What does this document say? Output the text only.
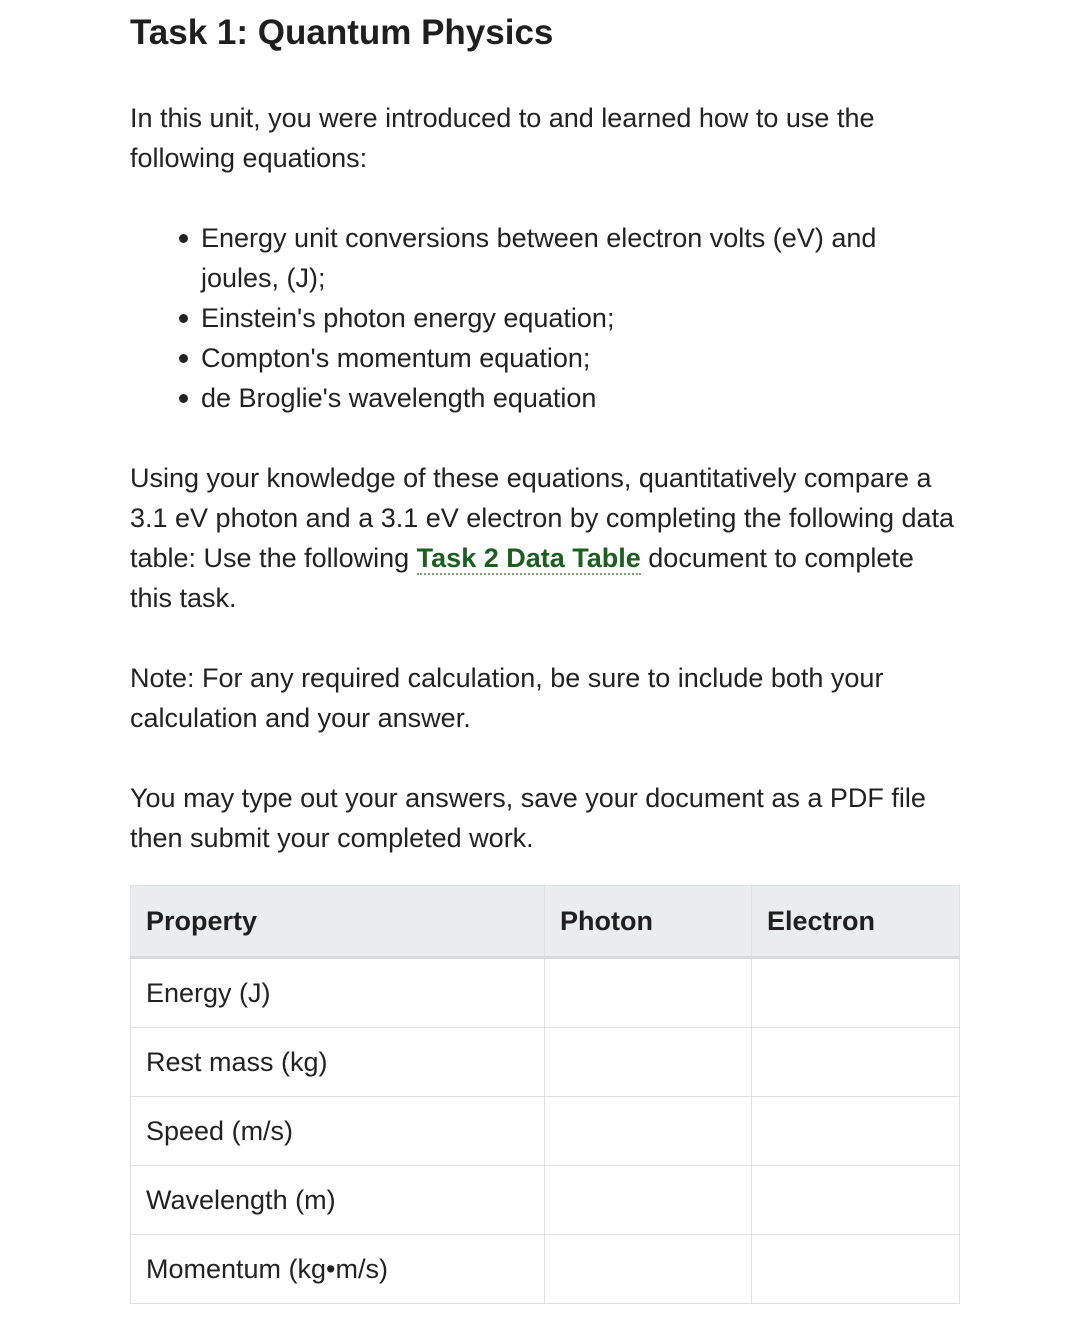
Task 1: Quantum Physics

In this unit, you were introduced to and learned how to use the following equations:

Energy unit conversions between electron volts (eV) and joules, (J);
Einstein's photon energy equation;
Compton's momentum equation;
de Broglie's wavelength equation

Using your knowledge of these equations, quantitatively compare a 3.1 eV photon and a 3.1 eV electron by completing the following data table: Use the following Task 2 Data Table document to complete this task.

Note: For any required calculation, be sure to include both your calculation and your answer.

You may type out your answers, save your document as a PDF file then submit your completed work.

Property	Photon	Electron
Energy (J)		
Rest mass (kg)		
Speed (m/s)		
Wavelength (m)		
Momentum (kg•m/s)		
